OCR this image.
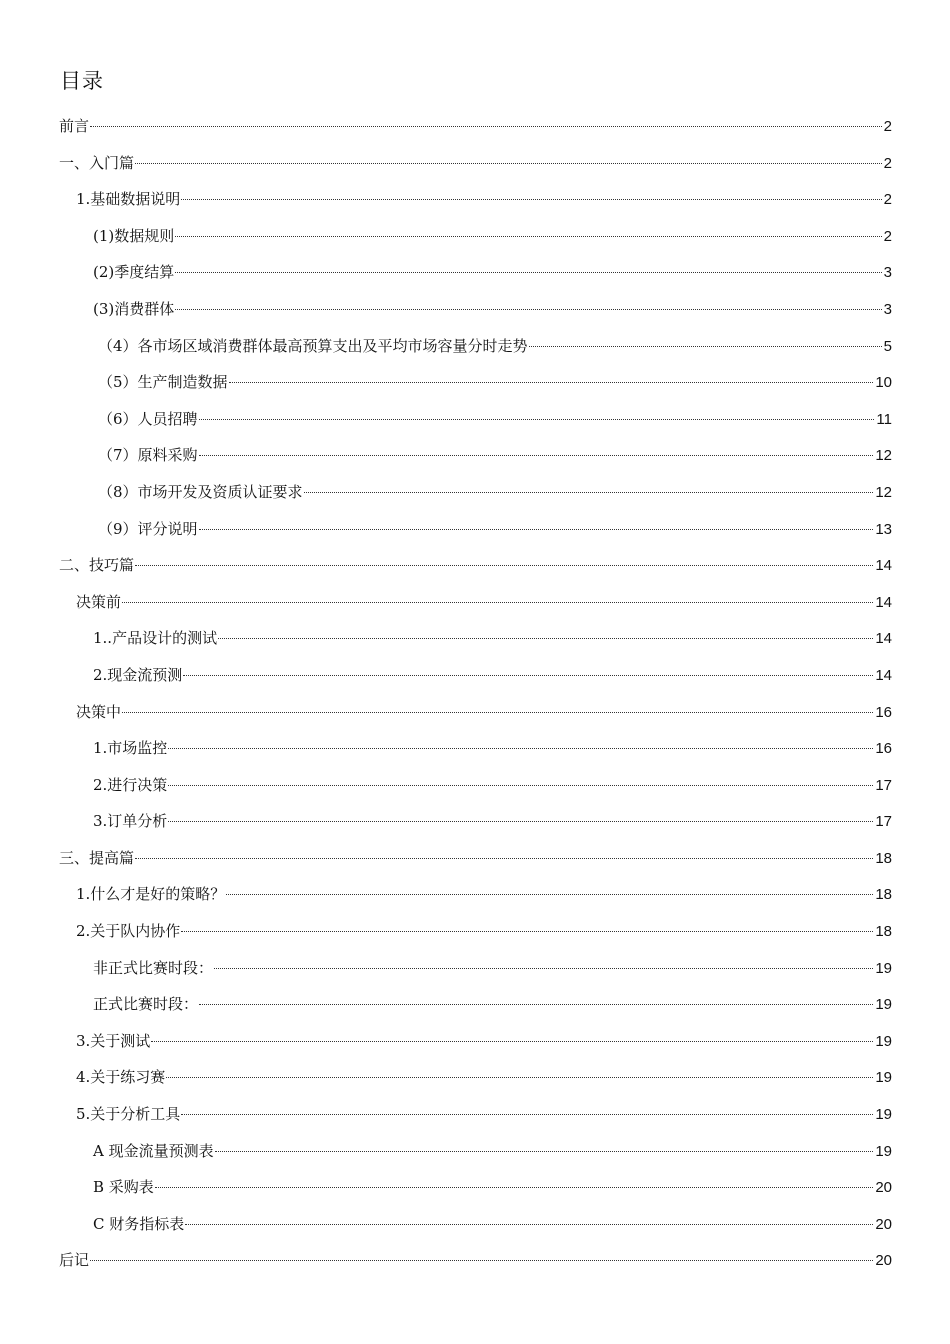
目录
前言	2
一、入门篇	2
1.基础数据说明	2
(1)数据规则	2
(2)季度结算	3
(3)消费群体	3
（4）各市场区域消费群体最高预算支出及平均市场容量分时走势	5
（5）生产制造数据	10
（6）人员招聘	11
（7）原料采购	12
（8）市场开发及资质认证要求	12
（9）评分说明	13
二、技巧篇	14
决策前	14
1..产品设计的测试	14
2.现金流预测	14
决策中	16
1.市场监控	16
2.进行决策	17
3.订单分析	17
三、提高篇	18
1.什么才是好的策略？	18
2.关于队内协作	18
非正式比赛时段：	19
正式比赛时段：	19
3.关于测试	19
4.关于练习赛	19
5.关于分析工具	19
A 现金流量预测表	19
B 采购表	20
C 财务指标表	20
后记	20
